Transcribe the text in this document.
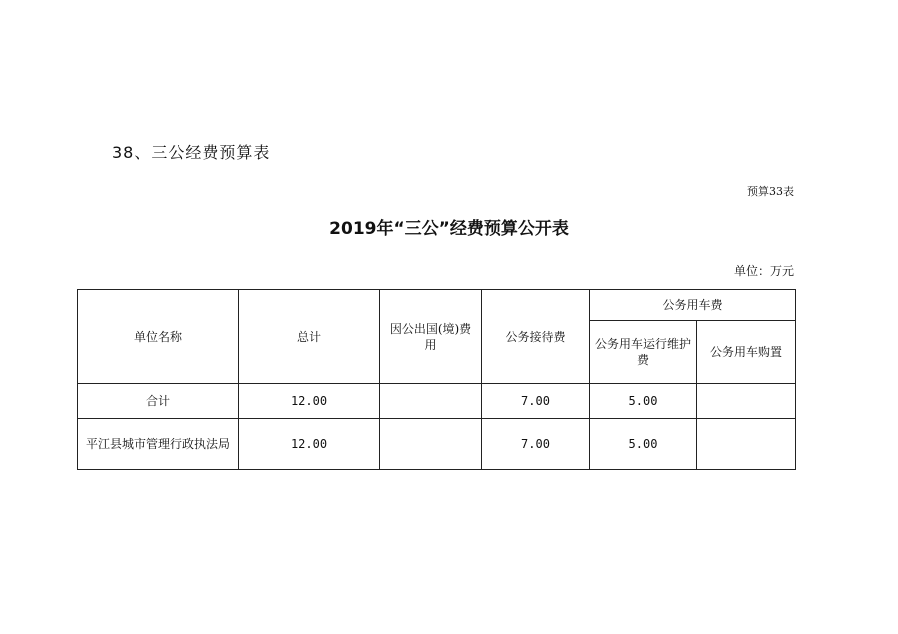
38、三公经费预算表
预算33表
2019年“三公”经费预算公开表
单位：万元
单位名称	总计	因公出国(境)费用	公务接待费	公务用车费	
				公务用车运行维护费	公务用车购置
合计	12.00		7.00	5.00	
平江县城市管理行政执法局	12.00		7.00	5.00	
